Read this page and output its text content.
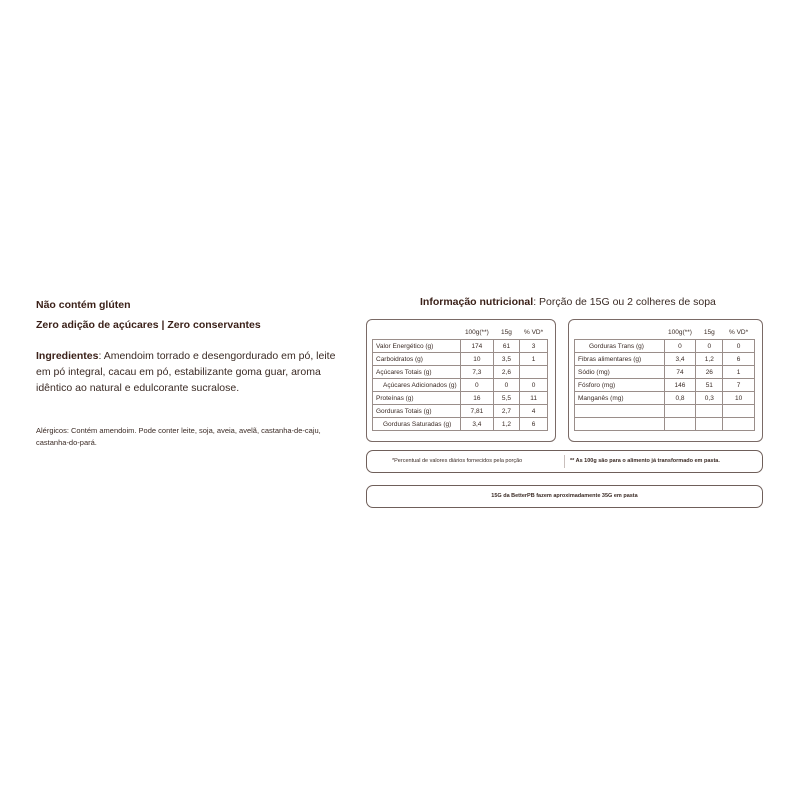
Não contém glúten

Zero adição de açúcares | Zero conservantes

Ingredientes: Amendoim torrado e desengordurado em pó, leite em pó integral, cacau em pó, estabilizante goma guar, aroma idêntico ao natural e edulcorante sucralose.

Alérgicos: Contém amendoim. Pode conter leite, soja, aveia, avelã, castanha-de-caju, castanha-do-pará.

Informação nutricional: Porção de 15G ou 2 colheres de sopa
	100g(**)	15g	% VD*
Valor Energético (g)	174	61	3
Carboidratos (g)	10	3,5	1
Açúcares Totais (g)	7,3	2,6	
Açúcares Adicionados (g)	0	0	0
Proteínas (g)	16	5,5	11
Gorduras Totais (g)	7,81	2,7	4
Gorduras Saturadas (g)	3,4	1,2	6
	100g(**)	15g	% VD*
Gorduras Trans (g)	0	0	0
Fibras alimentares (g)	3,4	1,2	6
Sódio (mg)	74	26	1
Fósforo (mg)	146	51	7
Manganês (mg)	0,8	0,3	10

*Percentual de valores diários fornecidos pela porção	** As 100g são para o alimento já transformado em pasta.
15G da BetterPB fazem aproximadamente 35G em pasta
